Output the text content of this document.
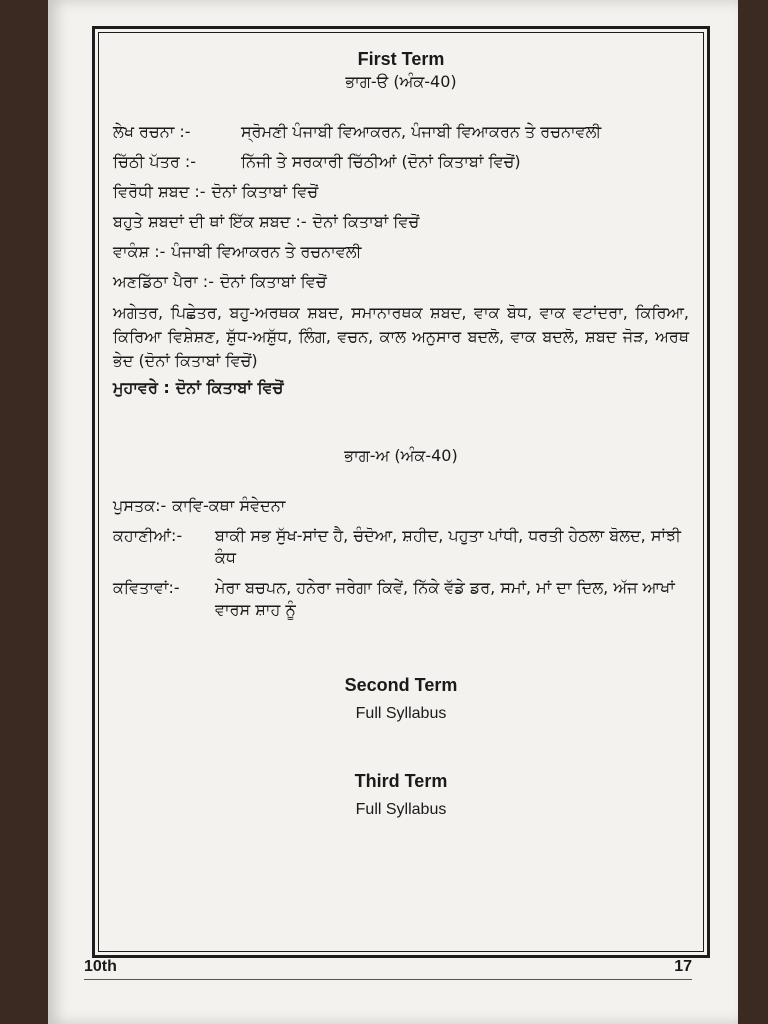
First Term

ਭਾਗ-ੳ (ਅੰਕ-40)

ਲੇਖ ਰਚਨਾ :-	ਸ੍ਰੋਮਣੀ ਪੰਜਾਬੀ ਵਿਆਕਰਨ, ਪੰਜਾਬੀ ਵਿਆਕਰਨ ਤੇ ਰਚਨਾਵਲੀ
ਚਿੱਠੀ ਪੱਤਰ :-	ਨਿੱਜੀ ਤੇ ਸਰਕਾਰੀ ਚਿੱਠੀਆਂ (ਦੋਨਾਂ ਕਿਤਾਬਾਂ ਵਿਚੋਂ)
ਵਿਰੋਧੀ ਸ਼ਬਦ :- ਦੋਨਾਂ ਕਿਤਾਬਾਂ ਵਿਚੋਂ
ਬਹੁਤੇ ਸ਼ਬਦਾਂ ਦੀ ਥਾਂ ਇੱਕ ਸ਼ਬਦ :- ਦੋਨਾਂ ਕਿਤਾਬਾਂ ਵਿਚੋਂ
ਵਾਕੰਸ਼ :- ਪੰਜਾਬੀ ਵਿਆਕਰਨ ਤੇ ਰਚਨਾਵਲੀ
ਅਣਡਿੱਠਾ ਪੈਰਾ :- ਦੋਨਾਂ ਕਿਤਾਬਾਂ ਵਿਚੋਂ

ਅਗੇਤਰ, ਪਿਛੇਤਰ, ਬਹੁ-ਅਰਥਕ ਸ਼ਬਦ, ਸਮਾਨਾਰਥਕ ਸ਼ਬਦ, ਵਾਕ ਬੋਧ, ਵਾਕ ਵਟਾਂਦਰਾ, ਕਿਰਿਆ, ਕਿਰਿਆ ਵਿਸ਼ੇਸ਼ਣ, ਸ਼ੁੱਧ-ਅਸ਼ੁੱਧ, ਲਿੰਗ, ਵਚਨ, ਕਾਲ ਅਨੁਸਾਰ ਬਦਲੋ, ਵਾਕ ਬਦਲੋ, ਸ਼ਬਦ ਜੋੜ, ਅਰਥ ਭੇਦ (ਦੋਨਾਂ ਕਿਤਾਬਾਂ ਵਿਚੋਂ)

ਮੁਹਾਵਰੇ : ਦੋਨਾਂ ਕਿਤਾਬਾਂ ਵਿਚੋਂ

ਭਾਗ-ਅ (ਅੰਕ-40)

ਪੁਸਤਕ:- ਕਾਵਿ-ਕਥਾ ਸੰਵੇਦਨਾ
ਕਹਾਣੀਆਂ:-	ਬਾਕੀ ਸਭ ਸੁੱਖ-ਸਾਂਦ ਹੈ, ਚੰਦੋਆ, ਸ਼ਹੀਦ, ਪਹੁਤਾ ਪਾਂਧੀ, ਧਰਤੀ ਹੇਠਲਾ ਬੋਲਦ, ਸਾਂਝੀ ਕੰਧ
ਕਵਿਤਾਵਾਂ:-	ਮੇਰਾ ਬਚਪਨ, ਹਨੇਰਾ ਜਰੇਗਾ ਕਿਵੇਂ, ਨਿੱਕੇ ਵੱਡੇ ਡਰ, ਸਮਾਂ, ਮਾਂ ਦਾ ਦਿਲ, ਅੱਜ ਆਖਾਂ ਵਾਰਸ ਸ਼ਾਹ ਨੂੰ

Second Term

Full Syllabus

Third Term

Full Syllabus

10th	17
